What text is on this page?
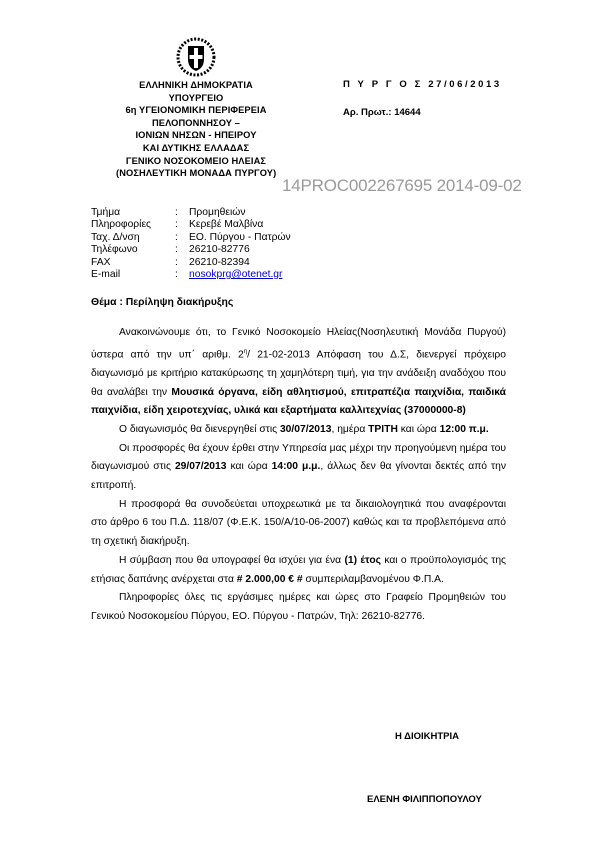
ΕΛΛΗΝΙΚΗ ΔΗΜΟΚΡΑΤΙΑ
ΥΠΟΥΡΓΕΙΟ
6η ΥΓΕΙΟΝΟΜΙΚΗ ΠΕΡΙΦΕΡΕΙΑ
ΠΕΛΟΠΟΝΝΗΣΟΥ –
ΙΟΝΙΩΝ ΝΗΣΩΝ - ΗΠΕΙΡΟΥ
ΚΑΙ ΔΥΤΙΚΗΣ ΕΛΛΑΔΑΣ
ΓΕΝΙΚΟ ΝΟΣΟΚΟΜΕΙΟ ΗΛΕΙΑΣ
(ΝΟΣΗΛΕΥΤΙΚΗ ΜΟΝΑΔΑ ΠΥΡΓΟΥ)
Π Υ Ρ Γ Ο Σ 27/06/2013
Αρ. Πρωτ.: 14644
14PROC002267695 2014-09-02
Τμήμα	: Προμηθειών
Πληροφορίες : Κερεβέ Μαλβίνα
Ταχ. Δ/νση	: ΕΟ. Πύργου - Πατρών
Τηλέφωνο	: 26210-82776
FAX	: 26210-82394
E-mail	: nosokprg@otenet.gr
Θέμα : Περίληψη διακήρυξης

Ανακοινώνουμε ότι, το Γενικό Νοσοκομείο Ηλείας(Νοσηλευτική Μονάδα Πυργού) ύστερα από την υπ΄ αριθμ. $2^\eta/$ 21-02-2013 Απόφαση του Δ.Σ, διενεργεί πρόχειρο διαγωνισμό με κριτήριο κατακύρωσης τη χαμηλότερη τιμή, για την ανάδειξη αναδόχου που θα αναλάβει την Μουσικά όργανα, είδη αθλητισμού, επιτραπέζια παιχνίδια, παιδικά παιχνίδια, είδη χειροτεχνίας, υλικά και εξαρτήματα καλλιτεχνίας (37000000-8)

Ο διαγωνισμός θα διενεργηθεί στις 30/07/2013, ημέρα ΤΡΙΤΗ και ώρα 12:00 π.μ.

Οι προσφορές θα έχουν έρθει στην Υπηρεσία μας μέχρι την προηγούμενη ημέρα του διαγωνισμού στις 29/07/2013 και ώρα 14:00 μ.μ., άλλως δεν θα γίνονται δεκτές από την επιτροπή.

Η προσφορά θα συνοδεύεται υποχρεωτικά με τα δικαιολογητικά που αναφέρονται στο άρθρο 6 του Π.Δ. 118/07 (Φ.Ε.Κ. 150/Α/10-06-2007) καθώς και τα προβλεπόμενα από τη σχετική διακήρυξη.

Η σύμβαση που θα υπογραφεί θα ισχύει για ένα (1) έτος και ο προϋπολογισμός της ετήσιας δαπάνης ανέρχεται στα # 2.000,00 € # συμπεριλαμβανομένου Φ.Π.Α.

Πληροφορίες όλες τις εργάσιμες ημέρες και ώρες στο Γραφείο Προμηθειών του Γενικού Νοσοκομείου Πύργου, ΕΟ. Πύργου - Πατρών, Τηλ: 26210-82776.

Η ΔΙΟΙΚΗΤΡΙΑ
ΕΛΕΝΗ ΦΙΛΙΠΠΟΠΟΥΛΟΥ
